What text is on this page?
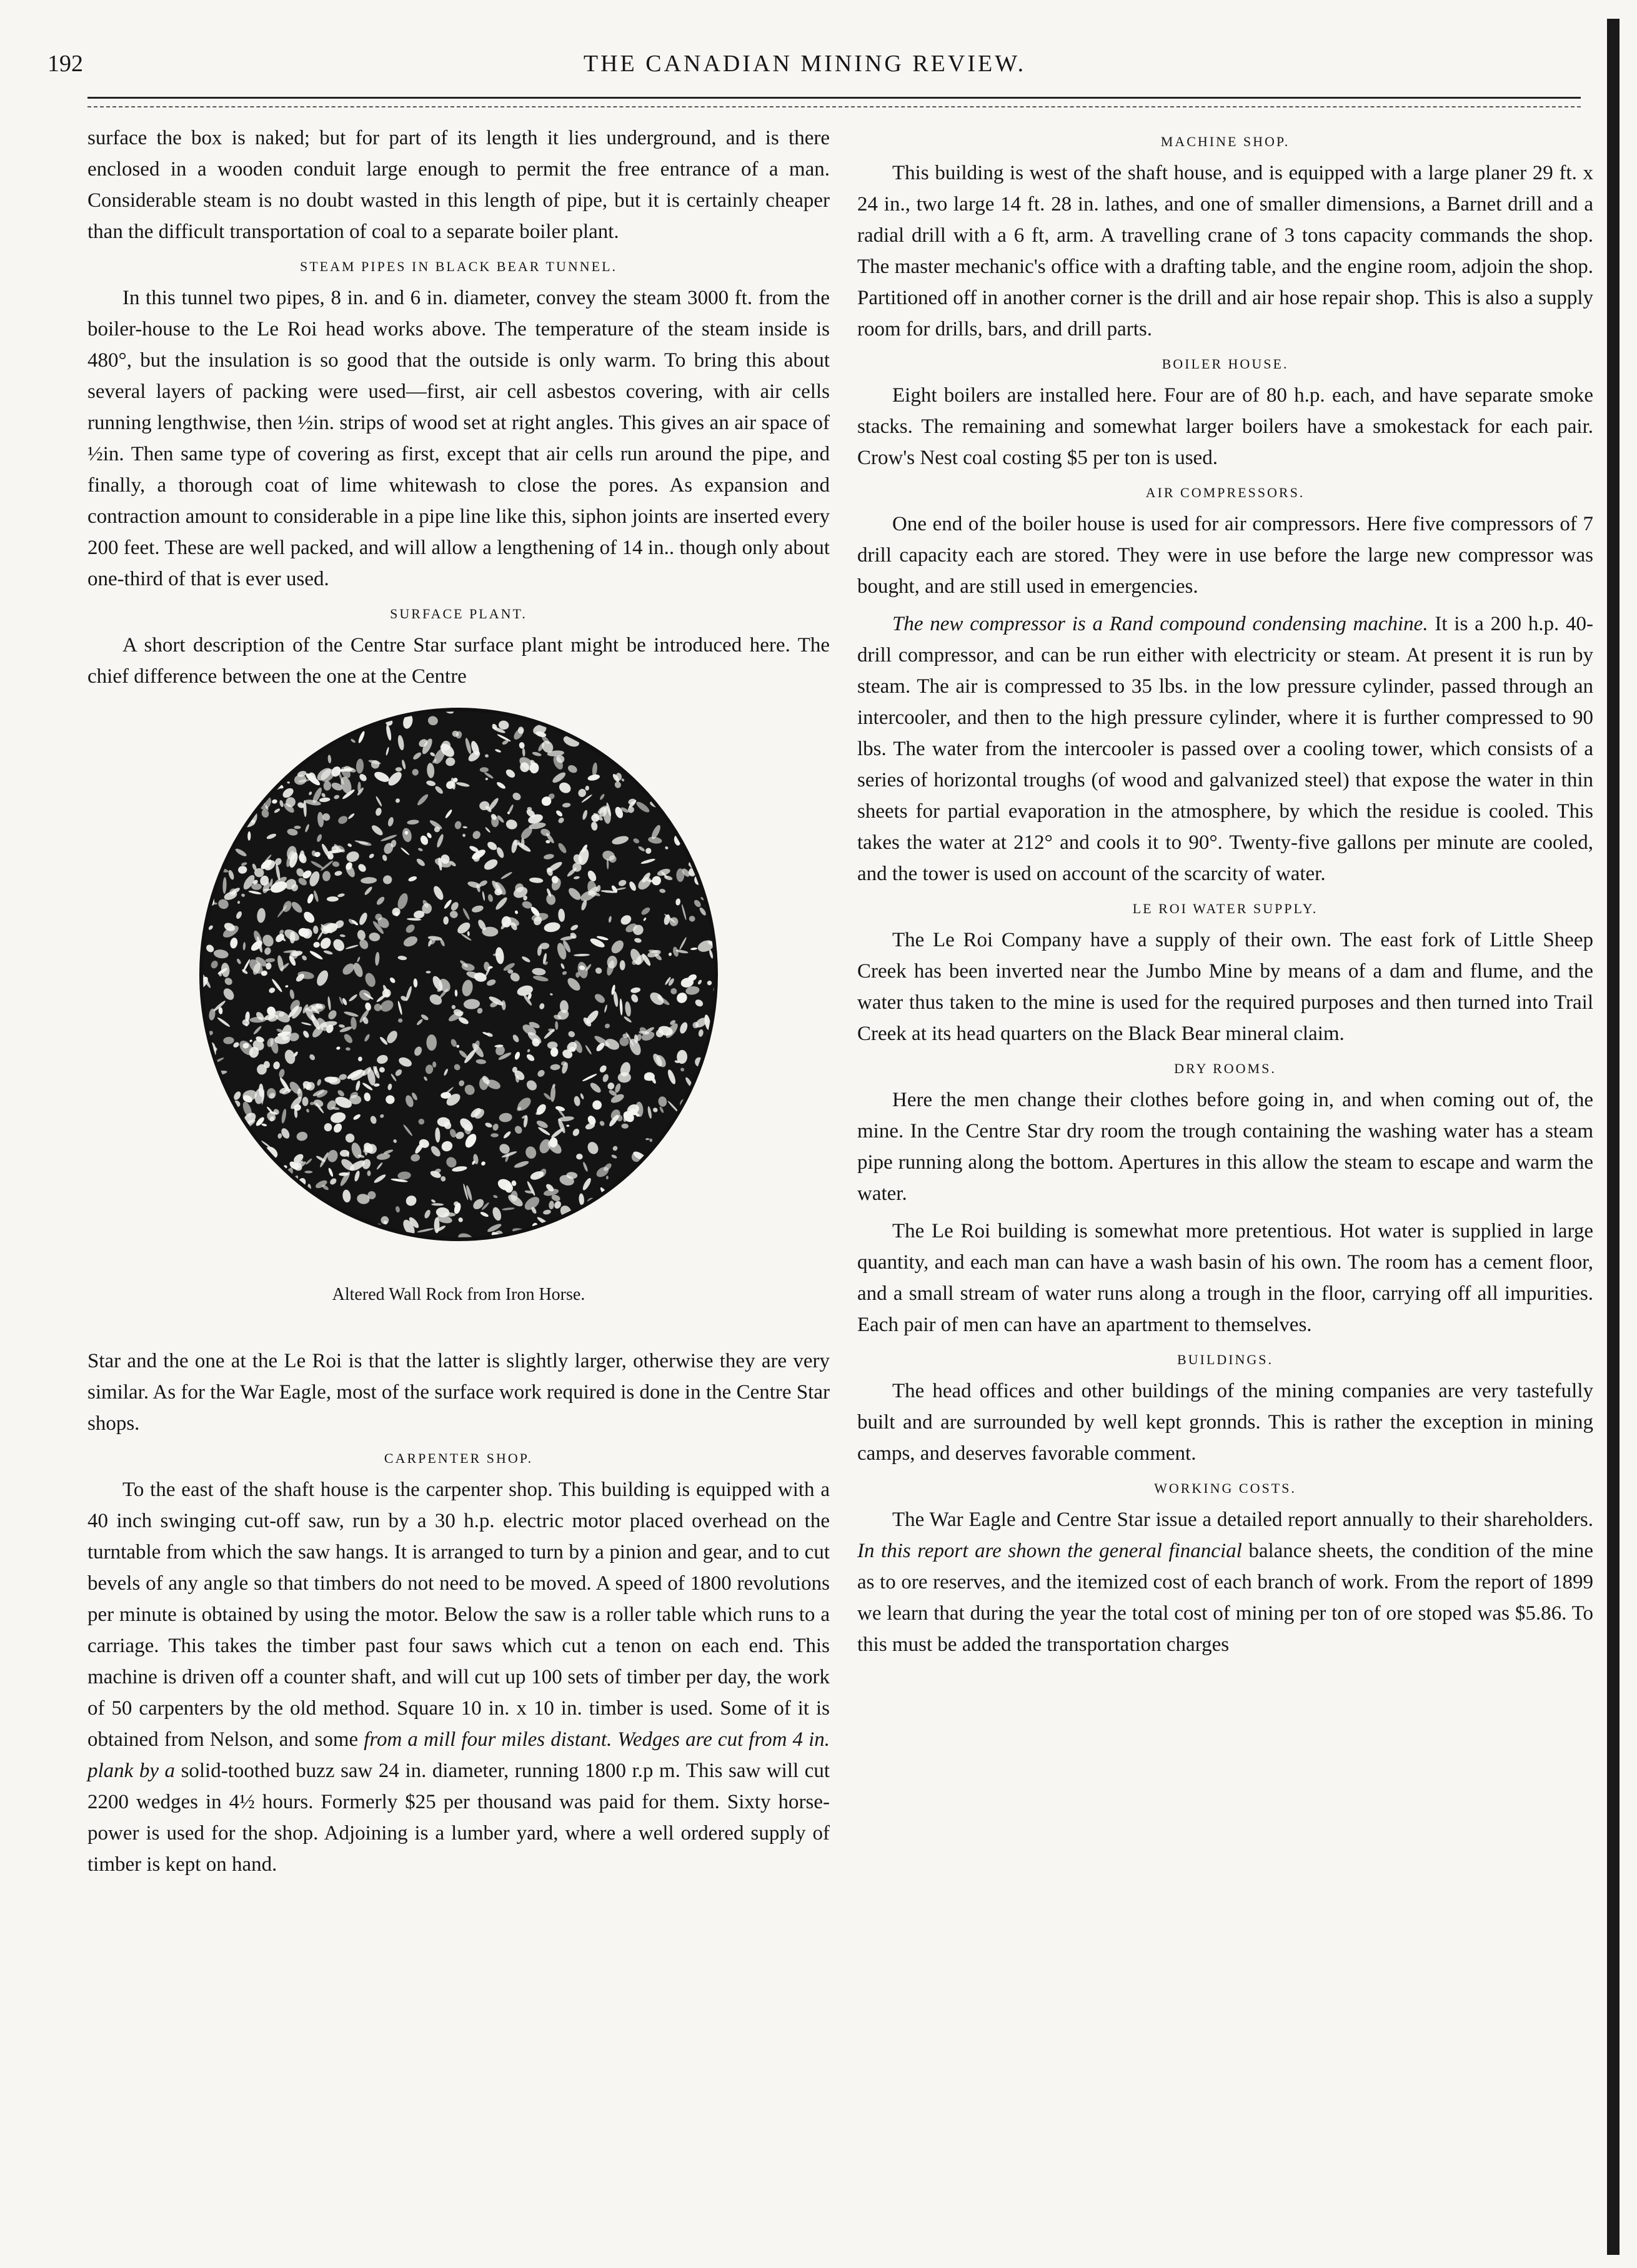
192	THE CANADIAN MINING REVIEW.

surface the box is naked; but for part of its length it lies underground, and is there enclosed in a wooden conduit large enough to permit the free entrance of a man. Considerable steam is no doubt wasted in this length of pipe, but it is certainly cheaper than the difficult transportation of coal to a separate boiler plant.

STEAM PIPES IN BLACK BEAR TUNNEL.

In this tunnel two pipes, 8 in. and 6 in. diameter, convey the steam 3000 ft. from the boiler-house to the Le Roi head works above. The temperature of the steam inside is 480°, but the insulation is so good that the outside is only warm. To bring this about several layers of packing were used—first, air cell asbestos covering, with air cells running lengthwise, then ½in. strips of wood set at right angles. This gives an air space of ½in. Then same type of covering as first, except that air cells run around the pipe, and finally, a thorough coat of lime whitewash to close the pores. As expansion and contraction amount to considerable in a pipe line like this, siphon joints are inserted every 200 feet. These are well packed, and will allow a lengthening of 14 in.. though only about one-third of that is ever used.

SURFACE PLANT.

A short description of the Centre Star surface plant might be introduced here. The chief difference between the one at the Centre

Altered Wall Rock from Iron Horse.

Star and the one at the Le Roi is that the latter is slightly larger, otherwise they are very similar. As for the War Eagle, most of the surface work required is done in the Centre Star shops.

CARPENTER SHOP.

To the east of the shaft house is the carpenter shop. This building is equipped with a 40 inch swinging cut-off saw, run by a 30 h.p. electric motor placed overhead on the turntable from which the saw hangs. It is arranged to turn by a pinion and gear, and to cut bevels of any angle so that timbers do not need to be moved. A speed of 1800 revolutions per minute is obtained by using the motor. Below the saw is a roller table which runs to a carriage. This takes the timber past four saws which cut a tenon on each end. This machine is driven off a counter shaft, and will cut up 100 sets of timber per day, the work of 50 carpenters by the old method. Square 10 in. x 10 in. timber is used. Some of it is obtained from Nelson, and some from a mill four miles distant. Wedges are cut from 4 in. plank by a solid-toothed buzz saw 24 in. diameter, running 1800 r.p m. This saw will cut 2200 wedges in 4½ hours. Formerly $25 per thousand was paid for them. Sixty horse-power is used for the shop. Adjoining is a lumber yard, where a well ordered supply of timber is kept on hand.

MACHINE SHOP.

This building is west of the shaft house, and is equipped with a large planer 29 ft. x 24 in., two large 14 ft. 28 in. lathes, and one of smaller dimensions, a Barnet drill and a radial drill with a 6 ft, arm. A travelling crane of 3 tons capacity commands the shop. The master mechanic's office with a drafting table, and the engine room, adjoin the shop. Partitioned off in another corner is the drill and air hose repair shop. This is also a supply room for drills, bars, and drill parts.

BOILER HOUSE.

Eight boilers are installed here. Four are of 80 h.p. each, and have separate smoke stacks. The remaining and somewhat larger boilers have a smokestack for each pair. Crow's Nest coal costing $5 per ton is used.

AIR COMPRESSORS.

One end of the boiler house is used for air compressors. Here five compressors of 7 drill capacity each are stored. They were in use before the large new compressor was bought, and are still used in emergencies.

The new compressor is a Rand compound condensing machine. It is a 200 h.p. 40-drill compressor, and can be run either with electricity or steam. At present it is run by steam. The air is compressed to 35 lbs. in the low pressure cylinder, passed through an intercooler, and then to the high pressure cylinder, where it is further compressed to 90 lbs. The water from the intercooler is passed over a cooling tower, which consists of a series of horizontal troughs (of wood and galvanized steel) that expose the water in thin sheets for partial evaporation in the atmosphere, by which the residue is cooled. This takes the water at 212° and cools it to 90°. Twenty-five gallons per minute are cooled, and the tower is used on account of the scarcity of water.

LE ROI WATER SUPPLY.

The Le Roi Company have a supply of their own. The east fork of Little Sheep Creek has been inverted near the Jumbo Mine by means of a dam and flume, and the water thus taken to the mine is used for the required purposes and then turned into Trail Creek at its head quarters on the Black Bear mineral claim.

DRY ROOMS.

Here the men change their clothes before going in, and when coming out of, the mine. In the Centre Star dry room the trough containing the washing water has a steam pipe running along the bottom. Apertures in this allow the steam to escape and warm the water.

The Le Roi building is somewhat more pretentious. Hot water is supplied in large quantity, and each man can have a wash basin of his own. The room has a cement floor, and a small stream of water runs along a trough in the floor, carrying off all impurities. Each pair of men can have an apartment to themselves.

BUILDINGS.

The head offices and other buildings of the mining companies are very tastefully built and are surrounded by well kept gronnds. This is rather the exception in mining camps, and deserves favorable comment.

WORKING COSTS.

The War Eagle and Centre Star issue a detailed report annually to their shareholders. In this report are shown the general financial balance sheets, the condition of the mine as to ore reserves, and the itemized cost of each branch of work. From the report of 1899 we learn that during the year the total cost of mining per ton of ore stoped was $5.86. To this must be added the transportation charges
